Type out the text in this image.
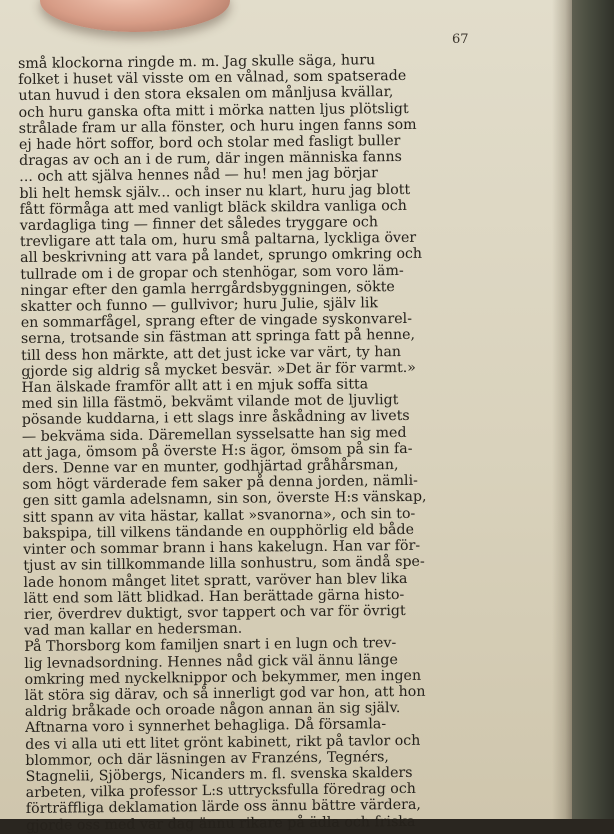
67
små klockorna ringde m. m. Jag skulle säga, huru
folket i huset väl visste om en vålnad, som spatserade
utan huvud i den stora eksalen om månljusa kvällar,
och huru ganska ofta mitt i mörka natten ljus plötsligt
strålade fram ur alla fönster, och huru ingen fanns som
ej hade hört soffor, bord och stolar med fasligt buller
dragas av och an i de rum, där ingen människa fanns
... och att själva hennes nåd — hu! men jag börjar
bli helt hemsk själv... och inser nu klart, huru jag blott
fått förmåga att med vanligt bläck skildra vanliga och
vardagliga ting — finner det således tryggare och
trevligare att tala om, huru små paltarna, lyckliga över
all beskrivning att vara på landet, sprungo omkring och
tullrade om i de gropar och stenhögar, som voro läm-
ningar efter den gamla herrgårdsbyggningen, sökte
skatter och funno — gullvivor; huru Julie, själv lik
en sommarfågel, sprang efter de vingade syskonvarel-
serna, trotsande sin fästman att springa fatt på henne,
till dess hon märkte, att det just icke var värt, ty han
gjorde sig aldrig så mycket besvär. »Det är för varmt.»
Han älskade framför allt att i en mjuk soffa sitta
med sin lilla fästmö, bekvämt vilande mot de ljuvligt
pösande kuddarna, i ett slags inre åskådning av livets
— bekväma sida. Däremellan sysselsatte han sig med
att jaga, ömsom på överste H:s ägor, ömsom på sin fa-
ders. Denne var en munter, godhjärtad gråhårsman,
som högt värderade fem saker på denna jorden, nämli-
gen sitt gamla adelsnamn, sin son, överste H:s vänskap,
sitt spann av vita hästar, kallat »svanorna», och sin to-
bakspipa, till vilkens tändande en oupphörlig eld både
vinter och sommar brann i hans kakelugn. Han var för-
tjust av sin tillkommande lilla sonhustru, som ändå spe-
lade honom månget litet spratt, varöver han blev lika
lätt end som lätt blidkad. Han berättade gärna histo-
rier, överdrev duktigt, svor tappert och var för övrigt
vad man kallar en hedersman.
På Thorsborg kom familjen snart i en lugn och trev-
lig levnadsordning. Hennes nåd gick väl ännu länge
omkring med nyckelknippor och bekymmer, men ingen
lät störa sig därav, och så innerligt god var hon, att hon
aldrig bråkade och oroade någon annan än sig själv.
Aftnarna voro i synnerhet behagliga. Då församla-
des vi alla uti ett litet grönt kabinett, rikt på tavlor och
blommor, och där läsningen av Franzéns, Tegnérs,
Stagnelii, Sjöbergs, Nicanders m. fl. svenska skalders
arbeten, vilka professor L:s uttrycksfulla föredrag och
förträffliga deklamation lärde oss ännu bättre värdera,
gjorde oss med var dag ännu rikare på ädla och friska
